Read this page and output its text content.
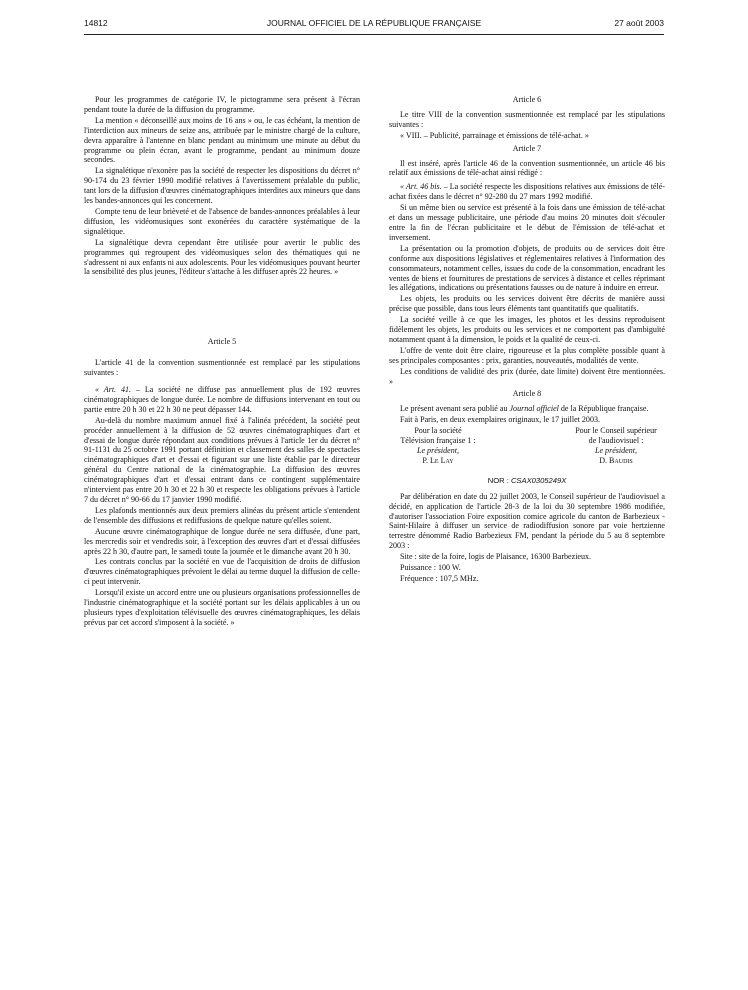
14812	JOURNAL OFFICIEL DE LA RÉPUBLIQUE FRANÇAISE	27 août 2003

Pour les programmes de catégorie IV, le pictogramme sera présent à l'écran pendant toute la durée de la diffusion du programme.

La mention « déconseillé aux moins de 16 ans » ou, le cas échéant, la mention de l'interdiction aux mineurs de seize ans, attribuée par le ministre chargé de la culture, devra apparaître à l'antenne en blanc pendant au minimum une minute au début du programme ou plein écran, avant le programme, pendant au minimum douze secondes.

La signalétique n'exonère pas la société de respecter les dispositions du décret n° 90-174 du 23 février 1990 modifié relatives à l'avertissement préalable du public, tant lors de la diffusion d'œuvres cinématographiques interdites aux mineurs que dans les bandes-annonces qui les concernent.

Compte tenu de leur brièveté et de l'absence de bandes-annonces préalables à leur diffusion, les vidéomusiques sont exonérées du caractère systématique de la signalétique.

La signalétique devra cependant être utilisée pour avertir le public des programmes qui regroupent des vidéomusiques selon des thématiques qui ne s'adressent ni aux enfants ni aux adolescents. Pour les vidéomusiques pouvant heurter la sensibilité des plus jeunes, l'éditeur s'attache à les diffuser après 22 heures. »

Article 5

L'article 41 de la convention susmentionnée est remplacé par les stipulations suivantes :

« Art. 41. – La société ne diffuse pas annuellement plus de 192 œuvres cinématographiques de longue durée. Le nombre de diffusions intervenant en tout ou partie entre 20 h 30 et 22 h 30 ne peut dépasser 144.

Au-delà du nombre maximum annuel fixé à l'alinéa précédent, la société peut procéder annuellement à la diffusion de 52 œuvres cinématographiques d'art et d'essai de longue durée répondant aux conditions prévues à l'article 1er du décret n° 91-1131 du 25 octobre 1991 portant définition et classement des salles de spectacles cinématographiques d'art et d'essai et figurant sur une liste établie par le directeur général du Centre national de la cinématographie. La diffusion des œuvres cinématographiques d'art et d'essai entrant dans ce contingent supplémentaire n'intervient pas entre 20 h 30 et 22 h 30 et respecte les obligations prévues à l'article 7 du décret n° 90-66 du 17 janvier 1990 modifié.

Les plafonds mentionnés aux deux premiers alinéas du présent article s'entendent de l'ensemble des diffusions et rediffusions de quelque nature qu'elles soient.

Aucune œuvre cinématographique de longue durée ne sera diffusée, d'une part, les mercredis soir et vendredis soir, à l'exception des œuvres d'art et d'essai diffusées après 22 h 30, d'autre part, le samedi toute la journée et le dimanche avant 20 h 30.

Les contrats conclus par la société en vue de l'acquisition de droits de diffusion d'œuvres cinématographiques prévoient le délai au terme duquel la diffusion de celle-ci peut intervenir.

Lorsqu'il existe un accord entre une ou plusieurs organisations professionnelles de l'industrie cinématographique et la société portant sur les délais applicables à un ou plusieurs types d'exploitation télévisuelle des œuvres cinématographiques, les délais prévus par cet accord s'imposent à la société. »

Article 6

Le titre VIII de la convention susmentionnée est remplacé par les stipulations suivantes :

« VIII. – Publicité, parrainage et émissions de télé-achat. »

Article 7

Il est inséré, après l'article 46 de la convention susmentionnée, un article 46 bis relatif aux émissions de télé-achat ainsi rédigé :

« Art. 46 bis. – La société respecte les dispositions relatives aux émissions de télé-achat fixées dans le décret n° 92-280 du 27 mars 1992 modifié.

Si un même bien ou service est présenté à la fois dans une émission de télé-achat et dans un message publicitaire, une période d'au moins 20 minutes doit s'écouler entre la fin de l'écran publicitaire et le début de l'émission de télé-achat et inversement.

La présentation ou la promotion d'objets, de produits ou de services doit être conforme aux dispositions législatives et réglementaires relatives à l'information des consommateurs, notamment celles, issues du code de la consommation, encadrant les ventes de biens et fournitures de prestations de services à distance et celles réprimant les allégations, indications ou présentations fausses ou de nature à induire en erreur.

Les objets, les produits ou les services doivent être décrits de manière aussi précise que possible, dans tous leurs éléments tant quantitatifs que qualitatifs.

La société veille à ce que les images, les photos et les dessins reproduisent fidèlement les objets, les produits ou les services et ne comportent pas d'ambiguïté notamment quant à la dimension, le poids et la qualité de ceux-ci.

L'offre de vente doit être claire, rigoureuse et la plus complète possible quant à ses principales composantes : prix, garanties, nouveautés, modalités de vente.

Les conditions de validité des prix (durée, date limite) doivent être mentionnées. »

Article 8

Le présent avenant sera publié au Journal officiel de la République française.

Fait à Paris, en deux exemplaires originaux, le 17 juillet 2003.

Pour la société
Télévision française 1 :
Le président,
P. Le Lay
Pour le Conseil supérieur
de l'audiovisuel :
Le président,
D. Baudis
NOR : CSAX0305249X

Par délibération en date du 22 juillet 2003, le Conseil supérieur de l'audiovisuel a décidé, en application de l'article 28-3 de la loi du 30 septembre 1986 modifiée, d'autoriser l'association Foire exposition comice agricole du canton de Barbezieux - Saint-Hilaire à diffuser un service de radiodiffusion sonore par voie hertzienne terrestre dénommé Radio Barbezieux FM, pendant la période du 5 au 8 septembre 2003 :

Site : site de la foire, logis de Plaisance, 16300 Barbezieux.

Puissance : 100 W.

Fréquence : 107,5 MHz.
